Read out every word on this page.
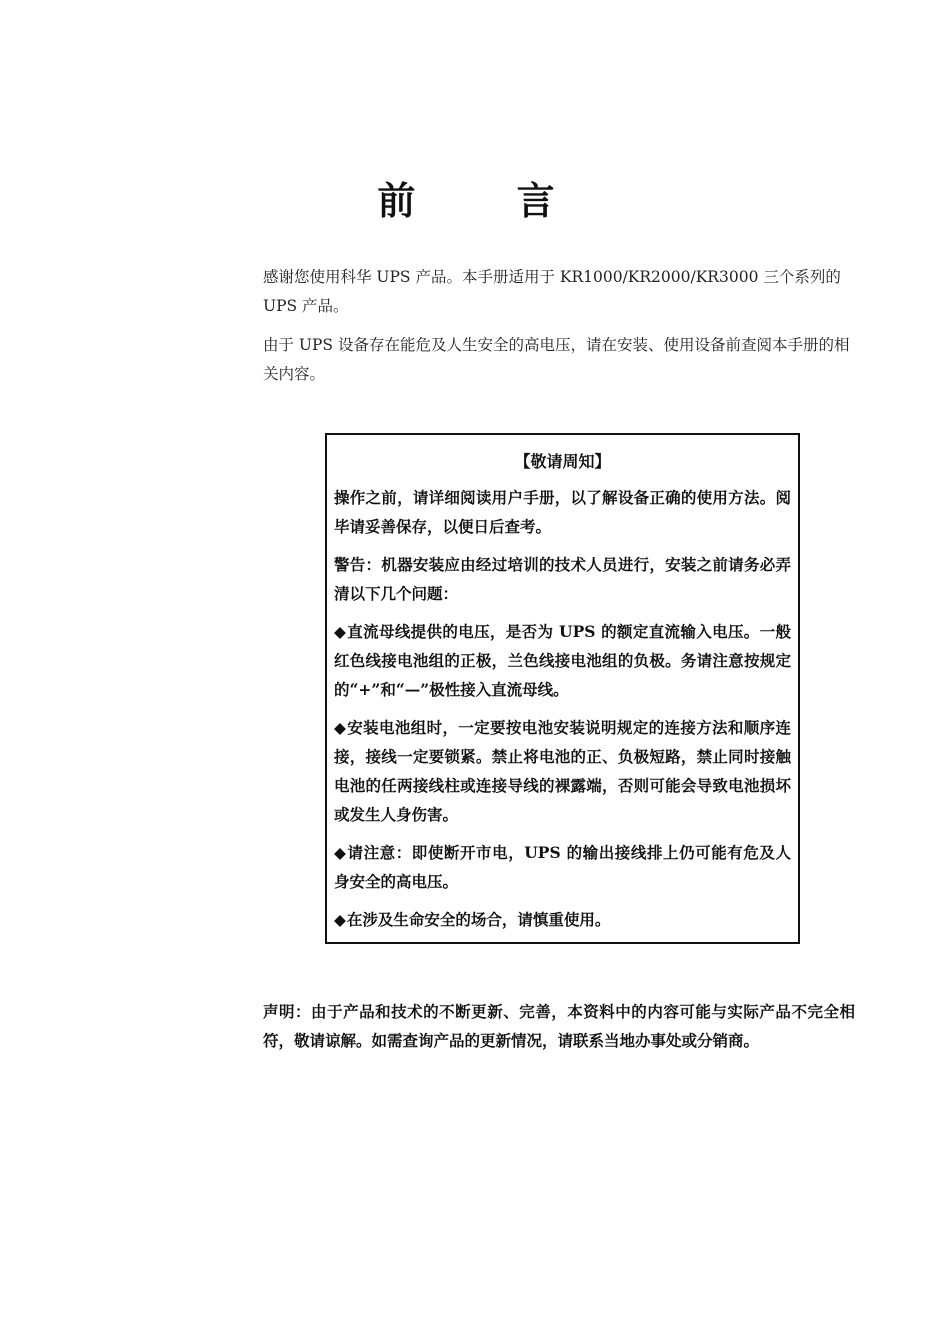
前 言
感谢您使用科华 UPS 产品。本手册适用于 KR1000/KR2000/KR3000 三个系列的 UPS 产品。
由于 UPS 设备存在能危及人生安全的高电压，请在安装、使用设备前查阅本手册的相关内容。
【敬请周知】
操作之前，请详细阅读用户手册，以了解设备正确的使用方法。阅毕请妥善保存，以便日后查考。
警告：机器安装应由经过培训的技术人员进行，安装之前请务必弄清以下几个问题：
◆直流母线提供的电压，是否为 UPS 的额定直流输入电压。一般红色线接电池组的正极，兰色线接电池组的负极。务请注意按规定的“+”和“—”极性接入直流母线。
◆安装电池组时，一定要按电池安装说明规定的连接方法和顺序连接，接线一定要锁紧。禁止将电池的正、负极短路，禁止同时接触电池的任两接线柱或连接导线的裸露端，否则可能会导致电池损坏或发生人身伤害。
◆请注意：即使断开市电，UPS 的输出接线排上仍可能有危及人身安全的高电压。
◆在涉及生命安全的场合，请慎重使用。
声明：由于产品和技术的不断更新、完善，本资料中的内容可能与实际产品不完全相符，敬请谅解。如需查询产品的更新情况，请联系当地办事处或分销商。
